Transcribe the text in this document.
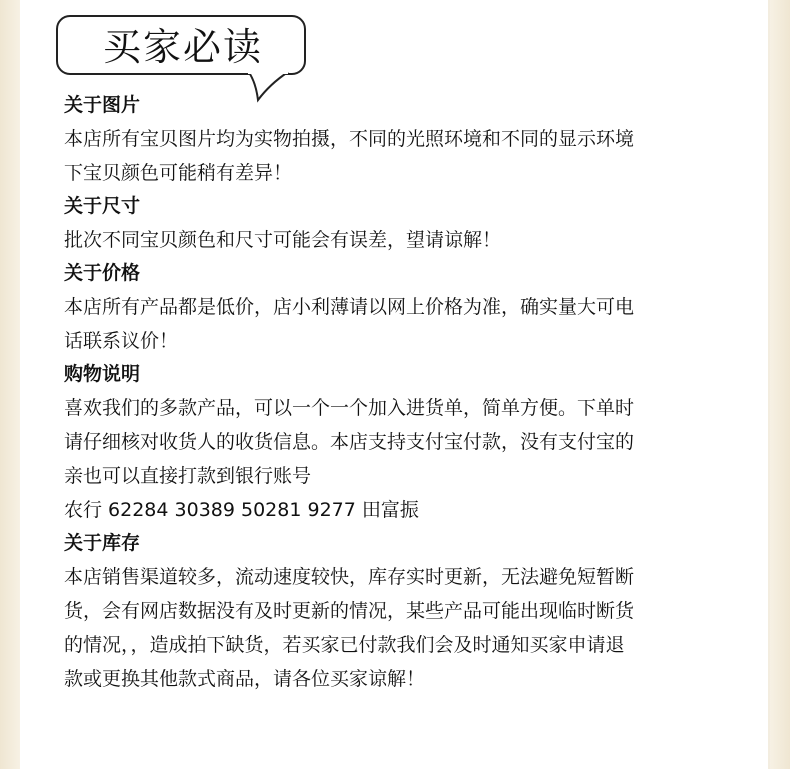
买家必读
关于图片
本店所有宝贝图片均为实物拍摄，不同的光照环境和不同的显示环境
下宝贝颜色可能稍有差异！
关于尺寸
批次不同宝贝颜色和尺寸可能会有误差，望请谅解！
关于价格
本店所有产品都是低价，店小利薄请以网上价格为准，确实量大可电
话联系议价！
购物说明
喜欢我们的多款产品，可以一个一个加入进货单，简单方便。下单时
请仔细核对收货人的收货信息。本店支持支付宝付款，没有支付宝的
亲也可以直接打款到银行账号
农行 62284 30389 50281 9277 田富振
关于库存
本店销售渠道较多，流动速度较快，库存实时更新，无法避免短暂断
货，会有网店数据没有及时更新的情况，某些产品可能出现临时断货
的情况，，造成拍下缺货，若买家已付款我们会及时通知买家申请退
款或更换其他款式商品，请各位买家谅解！
